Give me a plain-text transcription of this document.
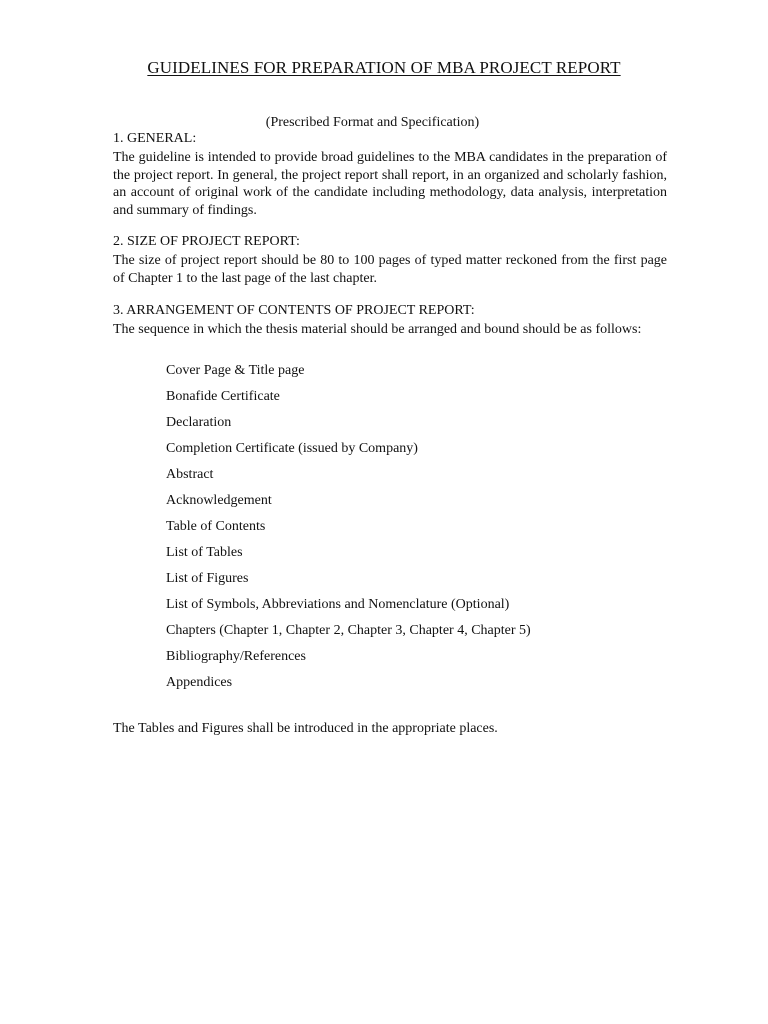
GUIDELINES FOR PREPARATION OF MBA PROJECT REPORT
(Prescribed Format and Specification)
1. GENERAL:
The guideline is intended to provide broad guidelines to the MBA candidates in the preparation of the project report. In general, the project report shall report, in an organized and scholarly fashion, an account of original work of the candidate including methodology, data analysis, interpretation and summary of findings.
2. SIZE OF PROJECT REPORT:
The size of project report should be 80 to 100 pages of typed matter reckoned from the first page of Chapter 1 to the last page of the last chapter.
3. ARRANGEMENT OF CONTENTS OF PROJECT REPORT:
The sequence in which the thesis material should be arranged and bound should be as follows:
Cover Page & Title page
Bonafide Certificate
Declaration
Completion Certificate (issued by Company)
Abstract
Acknowledgement
Table of Contents
List of Tables
List of Figures
List of Symbols, Abbreviations and Nomenclature (Optional)
Chapters (Chapter 1, Chapter 2, Chapter 3, Chapter 4, Chapter 5)
Bibliography/References
Appendices
The Tables and Figures shall be introduced in the appropriate places.
